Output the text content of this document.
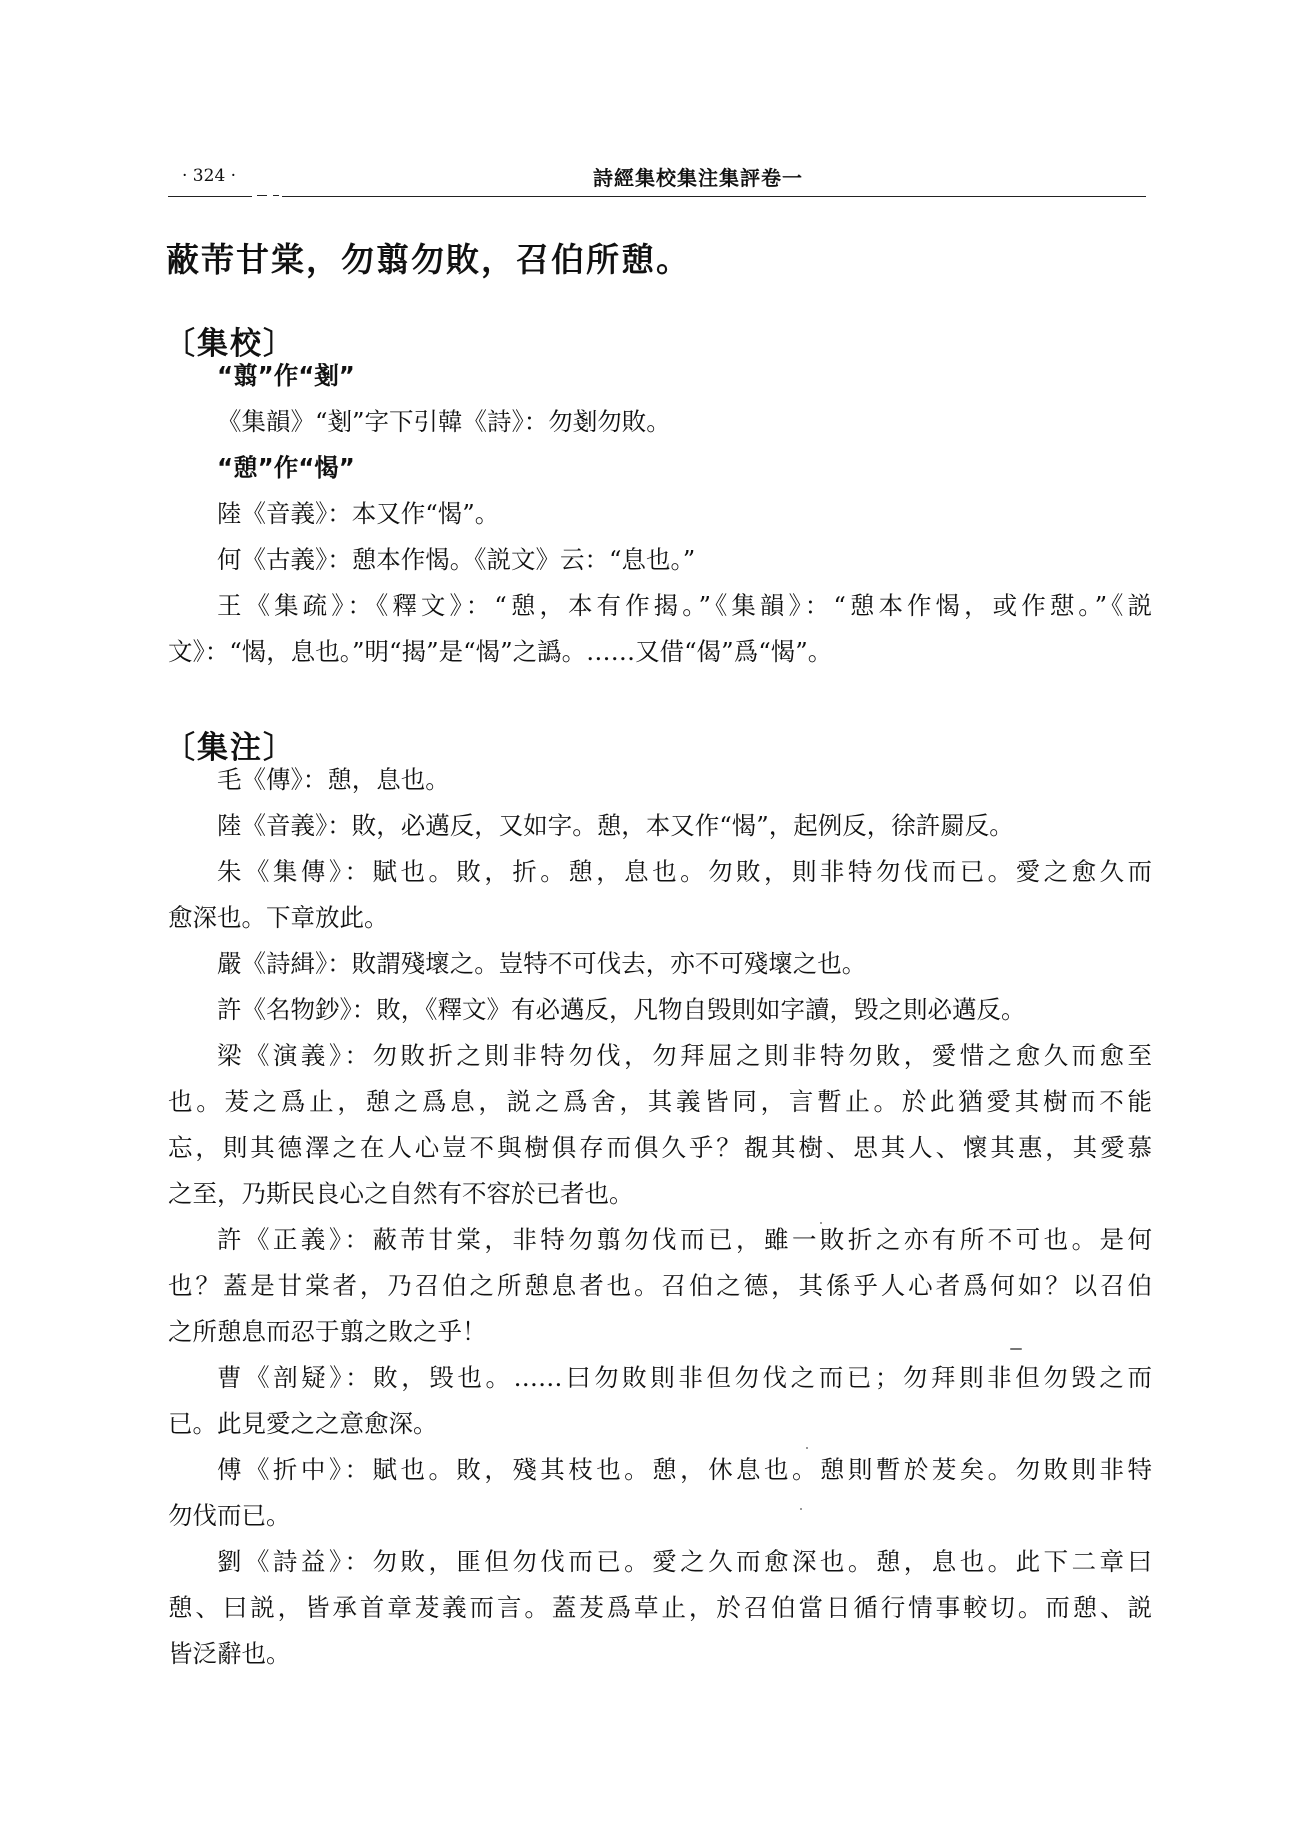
· 324 ·	詩經集校集注集評卷一
蔽芾甘棠，勿翦勿敗，召伯所憩。
〔集校〕
“翦”作“剗”
《集韻》“剗”字下引韓《詩》：勿剗勿敗。
“憩”作“愒”
陸《音義》：本又作“愒”。
何《古義》：憩本作愒。《説文》云：“息也。”
王《集疏》：《釋文》：“憩，本有作揭。”《集韻》：“憩本作愒，或作憇。”《説
文》：“愒，息也。”明“揭”是“愒”之譌。……又借“偈”爲“愒”。
〔集注〕
毛《傳》：憩，息也。
陸《音義》：敗，必邁反，又如字。憩，本又作“愒”，起例反，徐許罽反。
朱《集傳》：賦也。敗，折。憩，息也。勿敗，則非特勿伐而已。愛之愈久而
愈深也。下章放此。
嚴《詩緝》：敗謂殘壞之。豈特不可伐去，亦不可殘壞之也。
許《名物鈔》：敗，《釋文》有必邁反，凡物自毁則如字讀，毁之則必邁反。
梁《演義》：勿敗折之則非特勿伐，勿拜屈之則非特勿敗，愛惜之愈久而愈至
也。茇之爲止，憩之爲息，説之爲舍，其義皆同，言暫止。於此猶愛其樹而不能
忘，則其德澤之在人心豈不與樹俱存而俱久乎？覩其樹、思其人、懷其惠，其愛慕
之至，乃斯民良心之自然有不容於已者也。
許《正義》：蔽芾甘棠，非特勿翦勿伐而已，雖一敗折之亦有所不可也。是何
也？蓋是甘棠者，乃召伯之所憩息者也。召伯之德，其係乎人心者爲何如？以召伯
之所憩息而忍于翦之敗之乎！
曹《剖疑》：敗，毁也。……曰勿敗則非但勿伐之而已；勿拜則非但勿毁之而
已。此見愛之之意愈深。
傅《折中》：賦也。敗，殘其枝也。憩，休息也。憩則暫於茇矣。勿敗則非特
勿伐而已。
劉《詩益》：勿敗，匪但勿伐而已。愛之久而愈深也。憩，息也。此下二章曰
憩、曰説，皆承首章茇義而言。蓋茇爲草止，於召伯當日循行情事較切。而憩、説
皆泛辭也。
